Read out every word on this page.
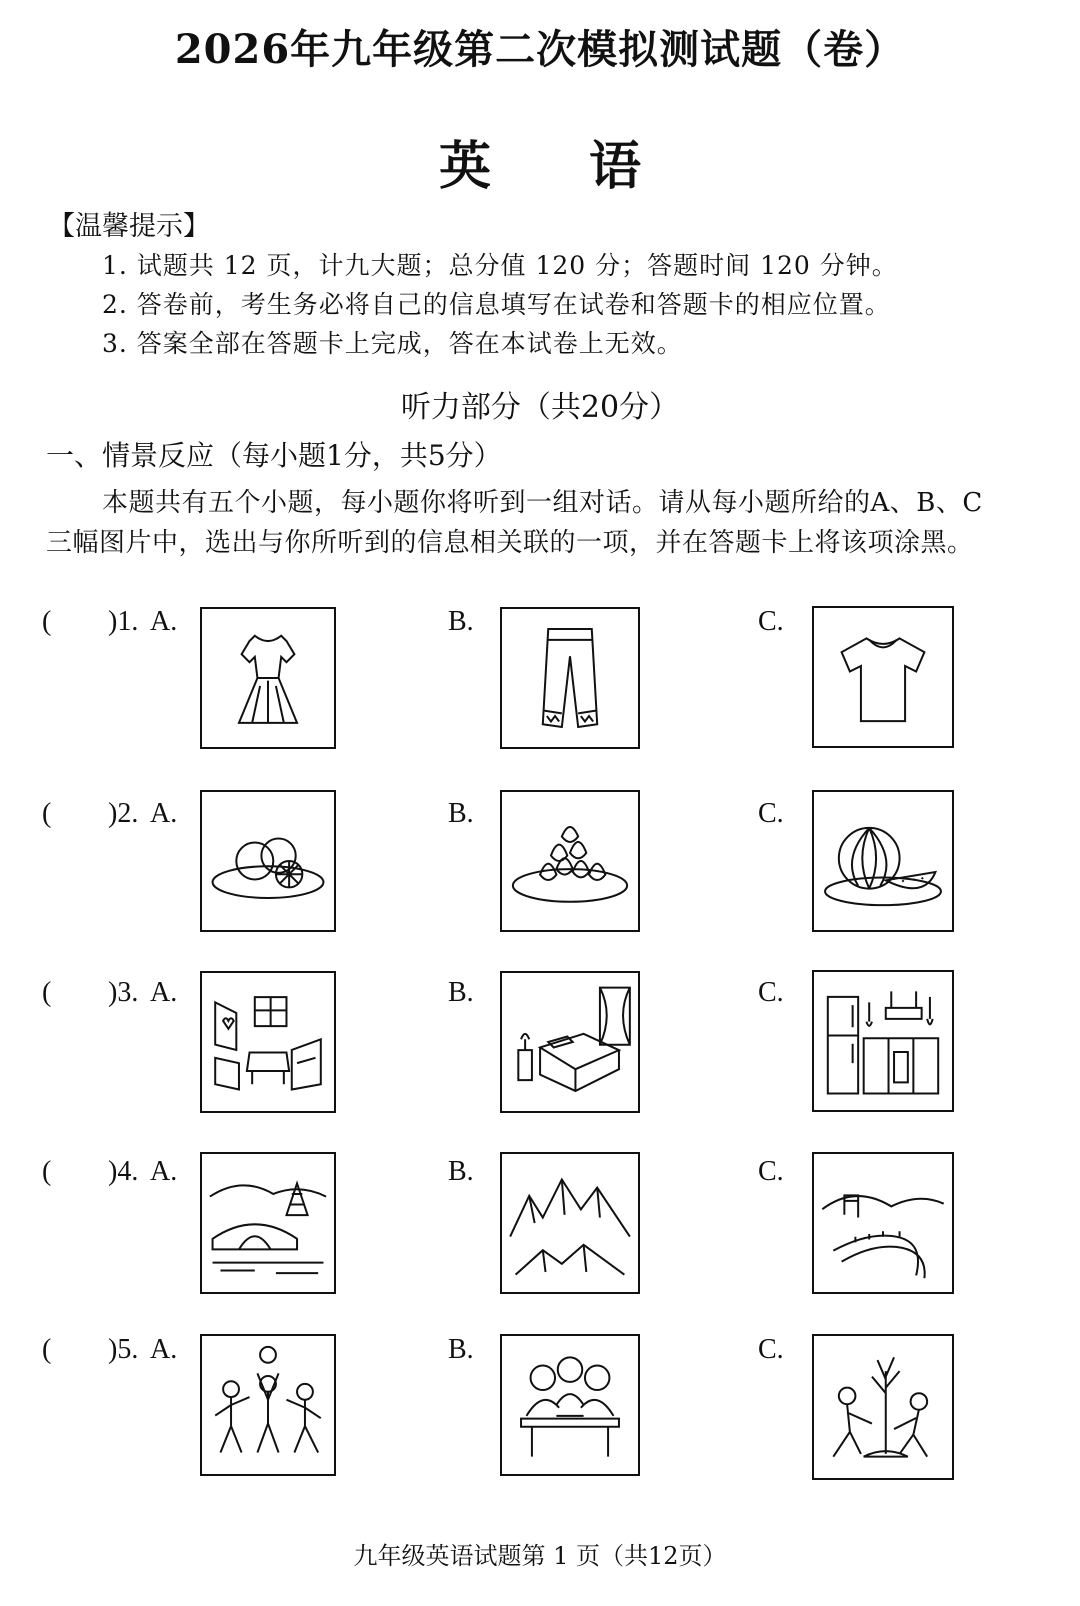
2026年九年级第二次模拟测试题（卷）
英 语
【温馨提示】
1. 试题共 12 页，计九大题；总分值 120 分；答题时间 120 分钟。
2. 答卷前，考生务必将自己的信息填写在试卷和答题卡的相应位置。
3. 答案全部在答题卡上完成，答在本试卷上无效。
听力部分（共20分）
一、情景反应（每小题1分，共5分）
本题共有五个小题，每小题你将听到一组对话。请从每小题所给的A、B、C
三幅图片中，选出与你所听到的信息相关联的一项，并在答题卡上将该项涂黑。
( )1. A.	B.	C.
( )2. A.	B.	C.
( )3. A.	B.	C.
( )4. A.	B.	C.
( )5. A.	B.	C.
九年级英语试题第 1 页（共12页）
